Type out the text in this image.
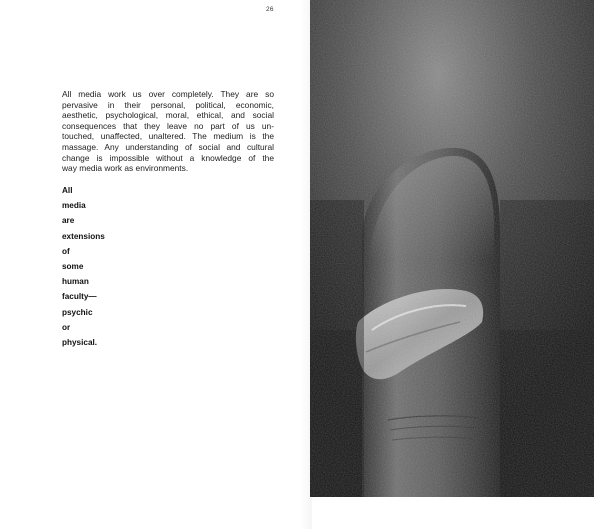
26

All media work us over completely. They are so
pervasive in their personal, political, economic,
aesthetic, psychological, moral, ethical, and social
consequences that they leave no part of us un-
touched, unaffected, unaltered. The medium is the
massage. Any understanding of social and cultural
change is impossible without a knowledge of the
way media work as environments.

All
media
are
extensions
of
some
human
faculty—
psychic
or
physical.
